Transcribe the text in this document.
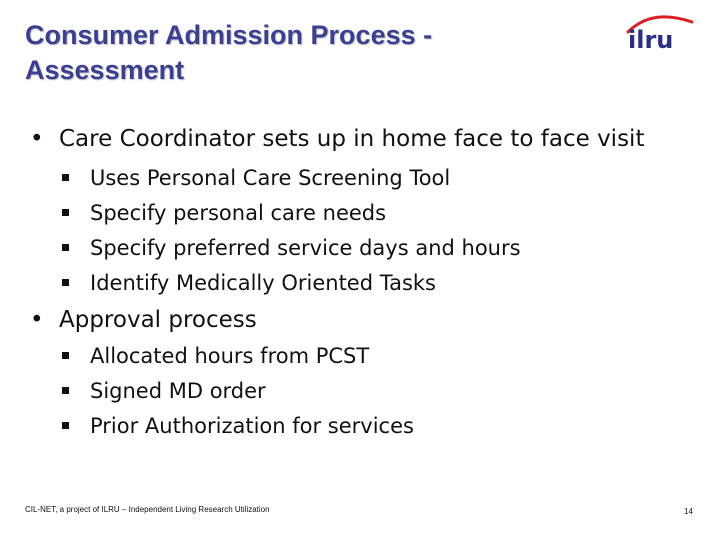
Consumer Admission Process -
Assessment
ilru
• Care Coordinator sets up in home face to face visit
Uses Personal Care Screening Tool
Specify personal care needs
Specify preferred service days and hours
Identify Medically Oriented Tasks
• Approval process
Allocated hours from PCST
Signed MD order
Prior Authorization for services
CIL-NET, a project of ILRU – Independent Living Research Utilization	14
